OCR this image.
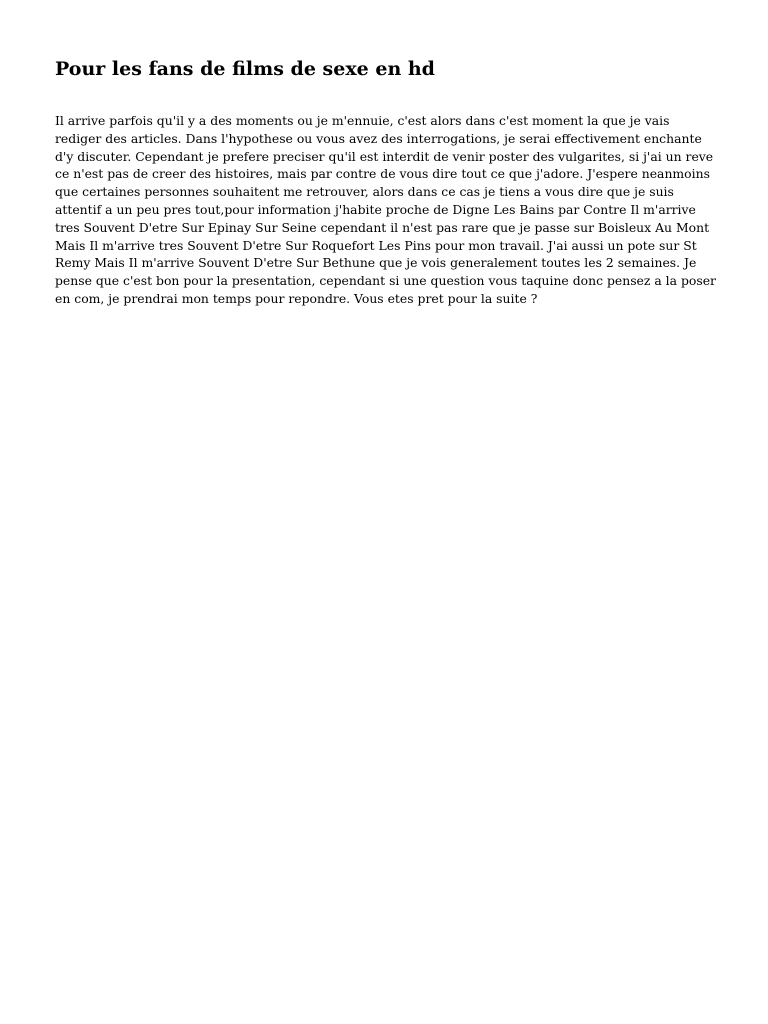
Pour les fans de films de sexe en hd

Il arrive parfois qu'il y a des moments ou je m'ennuie, c'est alors dans c'est moment la que je vais rediger des articles. Dans l'hypothese ou vous avez des interrogations, je serai effectivement enchante d'y discuter. Cependant je prefere preciser qu'il est interdit de venir poster des vulgarites, si j'ai un reve ce n'est pas de creer des histoires, mais par contre de vous dire tout ce que j'adore. J'espere neanmoins que certaines personnes souhaitent me retrouver, alors dans ce cas je tiens a vous dire que je suis attentif a un peu pres tout,pour information j'habite proche de Digne Les Bains par Contre Il m'arrive tres Souvent D'etre Sur Epinay Sur Seine cependant il n'est pas rare que je passe sur Boisleux Au Mont Mais Il m'arrive tres Souvent D'etre Sur Roquefort Les Pins pour mon travail. J'ai aussi un pote sur St Remy Mais Il m'arrive Souvent D'etre Sur Bethune que je vois generalement toutes les 2 semaines. Je pense que c'est bon pour la presentation, cependant si une question vous taquine donc pensez a la poser en com, je prendrai mon temps pour repondre. Vous etes pret pour la suite ?
